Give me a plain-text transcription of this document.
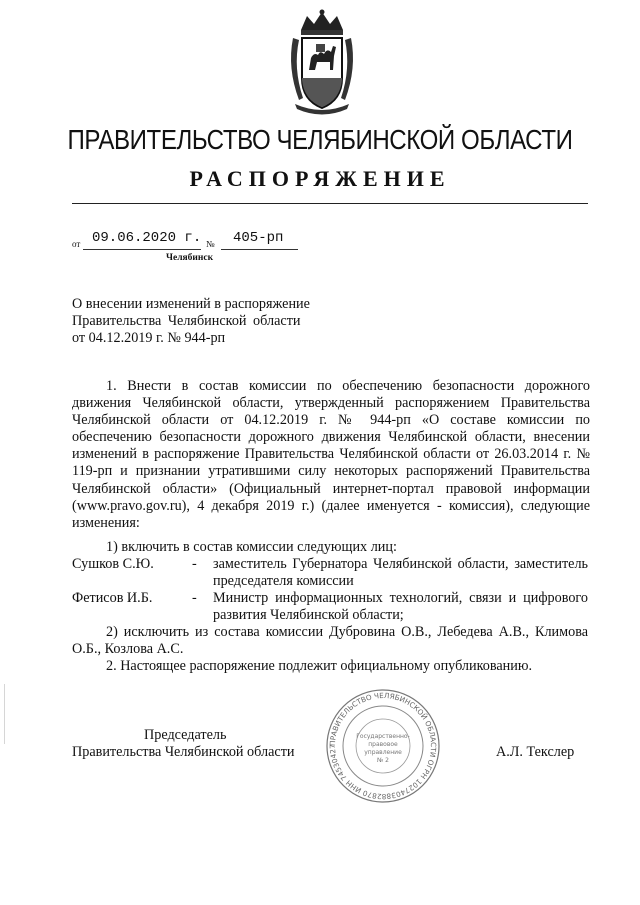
ПРАВИТЕЛЬСТВО ЧЕЛЯБИНСКОЙ ОБЛАСТИ
РАСПОРЯЖЕНИЕ
от 09.06.2020 г. № 405-рп
Челябинск
О внесении изменений в распоряжение
Правительства Челябинской области
от 04.12.2019 г. № 944-рп
1. Внести в состав комиссии по обеспечению безопасности дорожного движения Челябинской области, утвержденный распоряжением Правительства Челябинской области от 04.12.2019 г. № 944-рп «О составе комиссии по обеспечению безопасности дорожного движения Челябинской области, внесении изменений в распоряжение Правительства Челябинской области от 26.03.2014 г. № 119-рп и признании утратившими силу некоторых распоряжений Правительства Челябинской области» (Официальный интернет-портал правовой информации (www.pravo.gov.ru), 4 декабря 2019 г.) (далее именуется - комиссия), следующие изменения:
1) включить в состав комиссии следующих лиц:
Сушков С.Ю.	-	заместитель Губернатора Челябинской области, заместитель председателя комиссии
Фетисов И.Б.	-	Министр информационных технологий, связи и цифрового развития Челябинской области;
2) исключить из состава комиссии Дубровина О.В., Лебедева А.В., Климова О.Б., Козлова А.С.
2. Настоящее распоряжение подлежит официальному опубликованию.
Председатель
Правительства Челябинской области	А.Л. Текслер
ПРАВИТЕЛЬСТВО ЧЕЛЯБИНСКОЙ ОБЛАСТИ ОГРН 1027403882870 ИНН 74530427
Государственно-
правовое
управление
№ 2
